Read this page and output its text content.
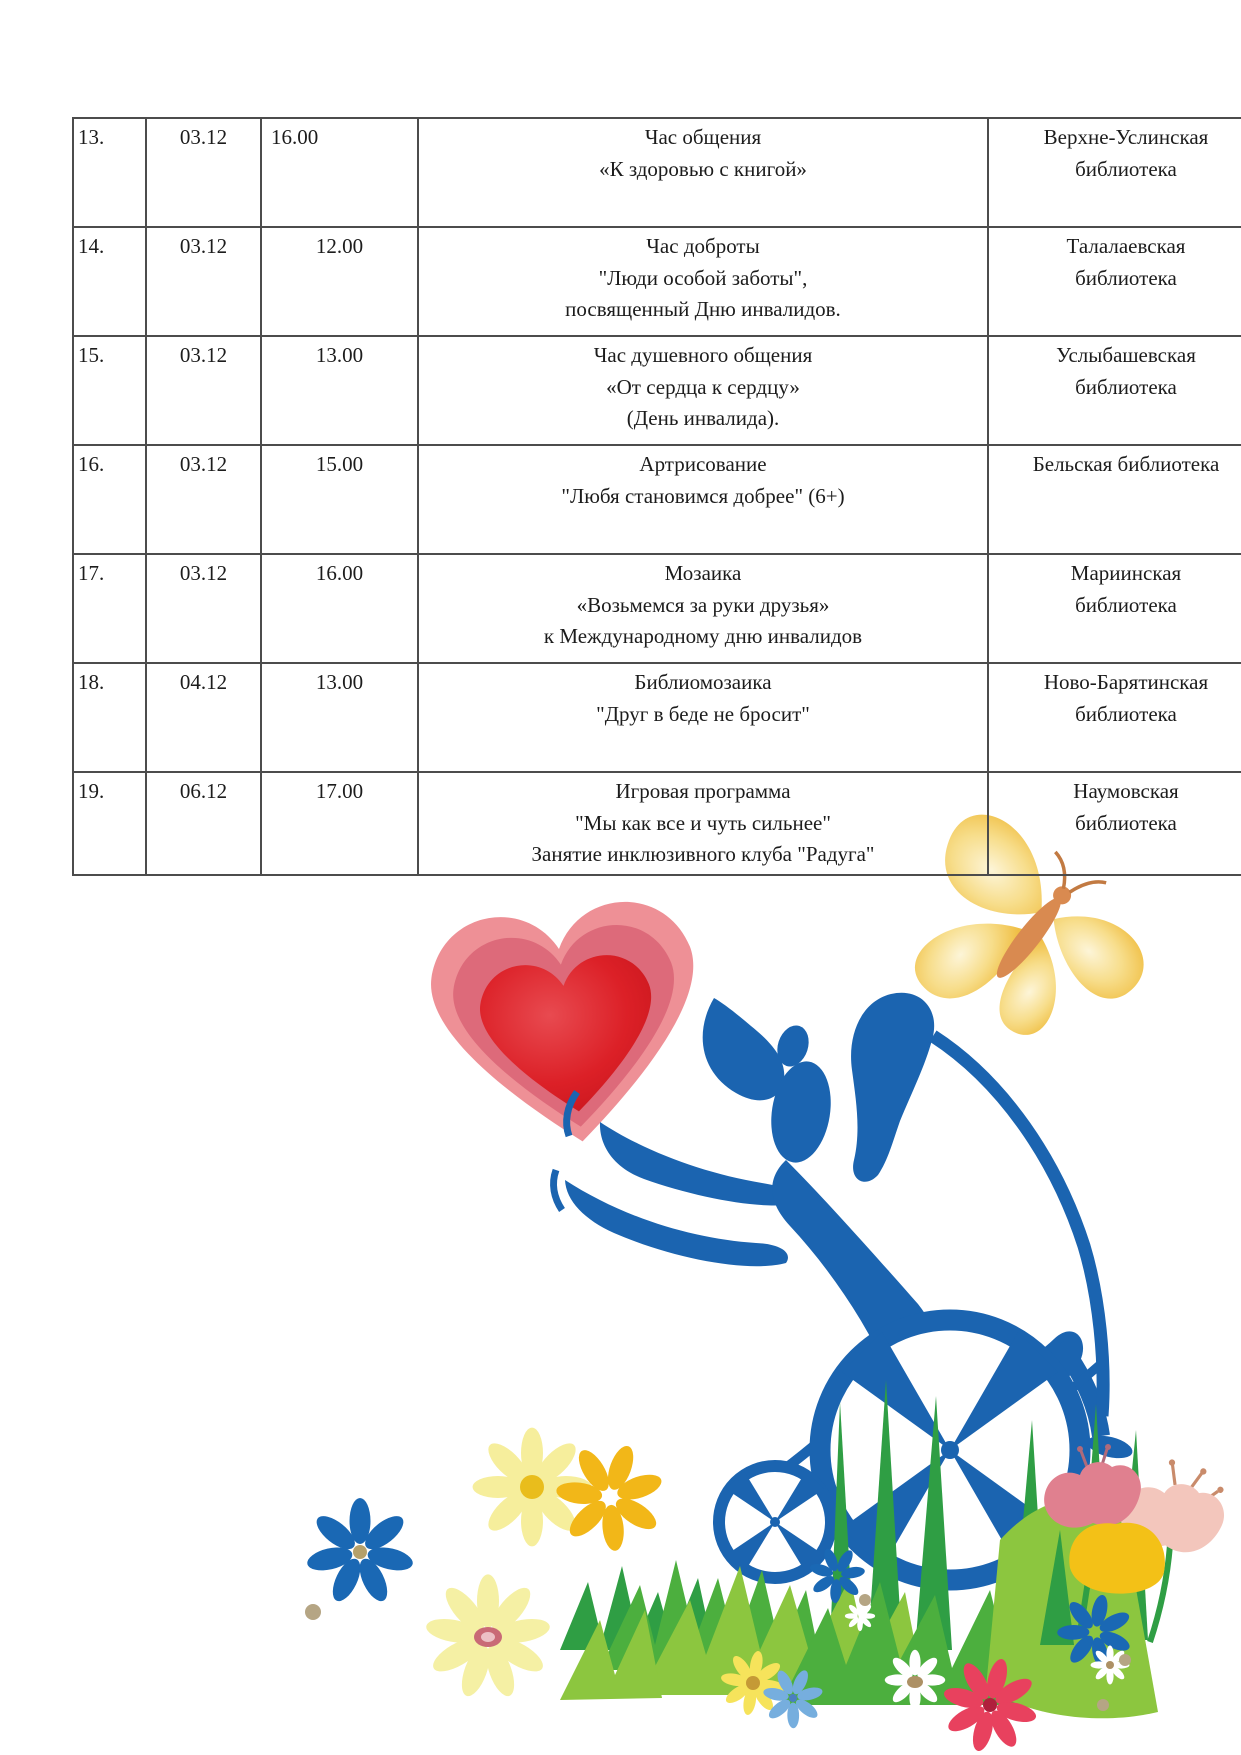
13.	03.12	16.00	Час общения
«К здоровью с книгой»	Верхне-Услинская
библиотека
14.	03.12	12.00	Час доброты
"Люди особой заботы",
посвященный Дню инвалидов.	Талалаевская
библиотека
15.	03.12	13.00	Час душевного общения
«От сердца к сердцу»
(День инвалида).	Услыбашевская
библиотека
16.	03.12	15.00	Артрисование
"Любя становимся добрее" (6+)	Бельская библиотека
17.	03.12	16.00	Мозаика
«Возьмемся за руки друзья»
к Международному дню инвалидов	Мариинская
библиотека
18.	04.12	13.00	Библиомозаика
"Друг в беде не бросит"	Ново-Барятинская
библиотека
19.	06.12	17.00	Игровая программа
"Мы как все и чуть сильнее"
Занятие инклюзивного клуба "Радуга"	Наумовская
библиотека
